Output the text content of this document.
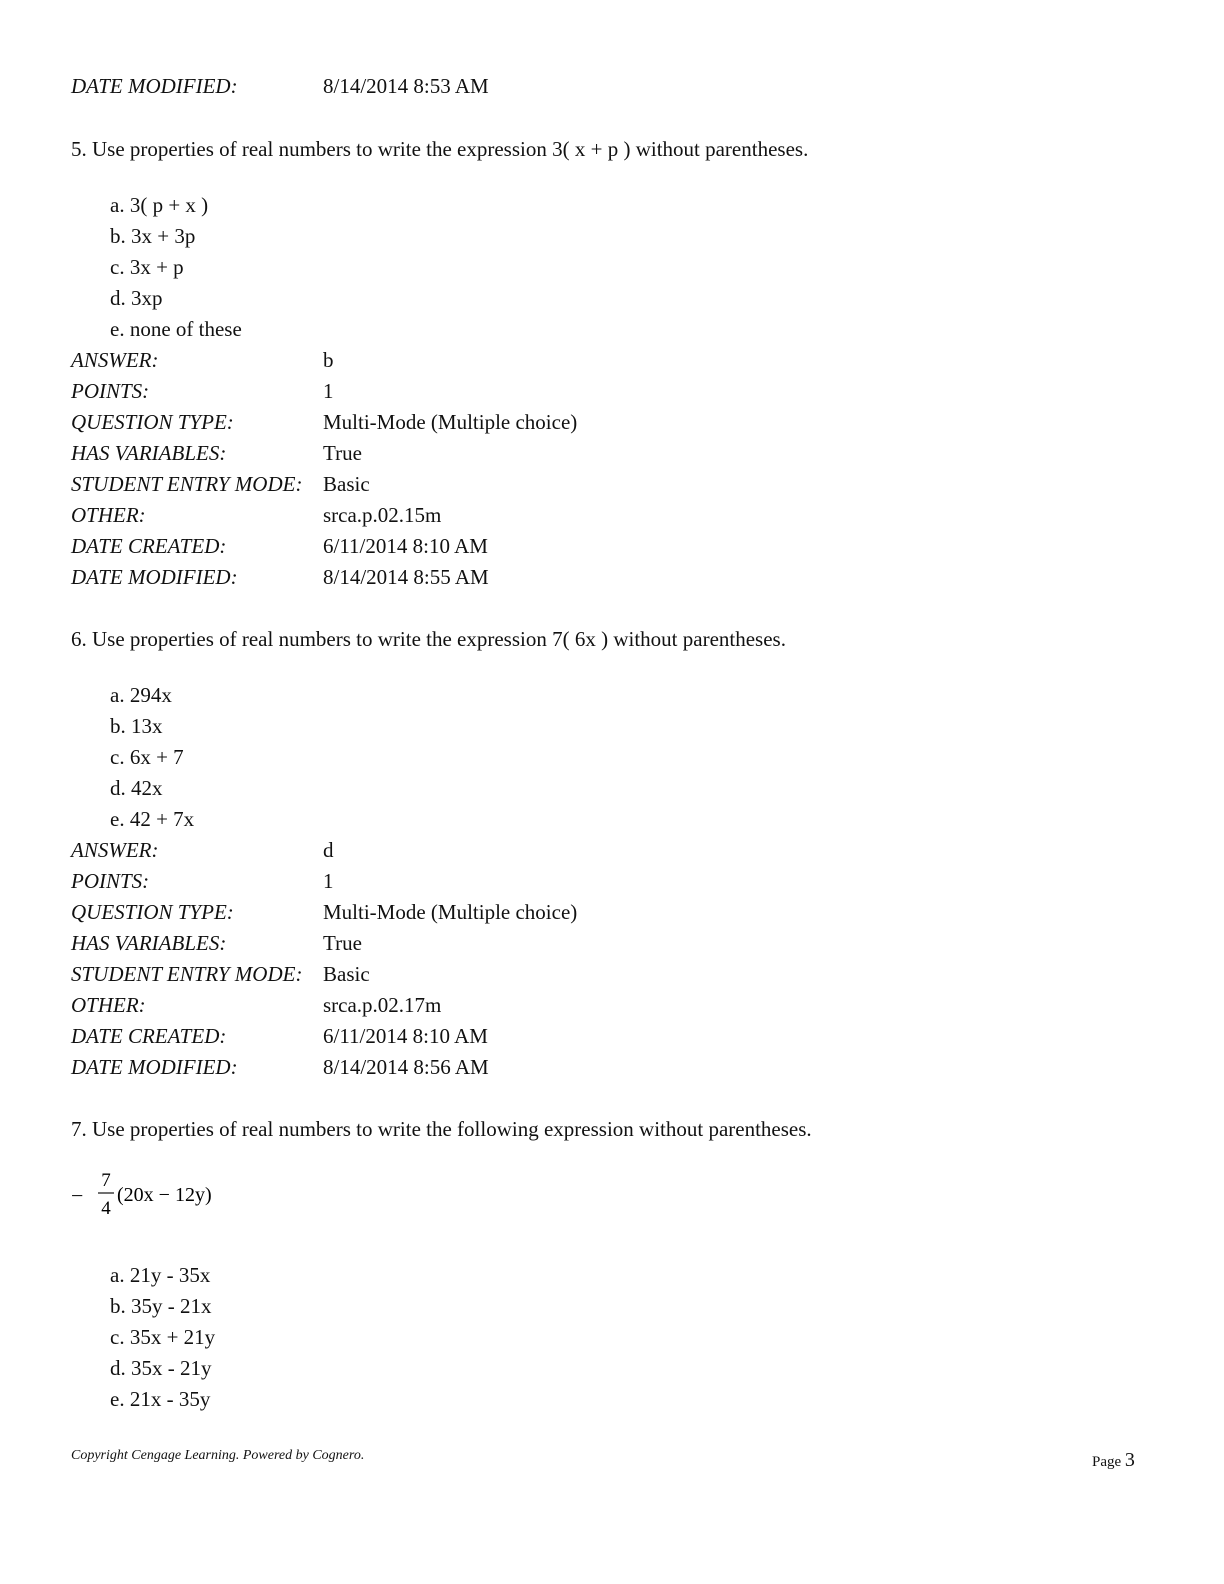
DATE MODIFIED:	8/14/2014 8:53 AM
5. Use properties of real numbers to write the expression 3( x + p ) without parentheses.
a. 3( p + x )
b. 3x + 3p
c. 3x + p
d. 3xp
e. none of these
ANSWER:	b
POINTS:	1
QUESTION TYPE:	Multi-Mode (Multiple choice)
HAS VARIABLES:	True
STUDENT ENTRY MODE: Basic
OTHER:	srca.p.02.15m
DATE CREATED:	6/11/2014 8:10 AM
DATE MODIFIED:	8/14/2014 8:55 AM
6. Use properties of real numbers to write the expression 7( 6x ) without parentheses.
a. 294x
b. 13x
c. 6x + 7
d. 42x
e. 42 + 7x
ANSWER:	d
POINTS:	1
QUESTION TYPE:	Multi-Mode (Multiple choice)
HAS VARIABLES:	True
STUDENT ENTRY MODE: Basic
OTHER:	srca.p.02.17m
DATE CREATED:	6/11/2014 8:10 AM
DATE MODIFIED:	8/14/2014 8:56 AM
7. Use properties of real numbers to write the following expression without parentheses.
−
7
4
(20x − 12y)
a. 21y - 35x
b. 35y - 21x
c. 35x + 21y
d. 35x - 21y
e. 21x - 35y
Copyright Cengage Learning. Powered by Cognero.	Page 3
